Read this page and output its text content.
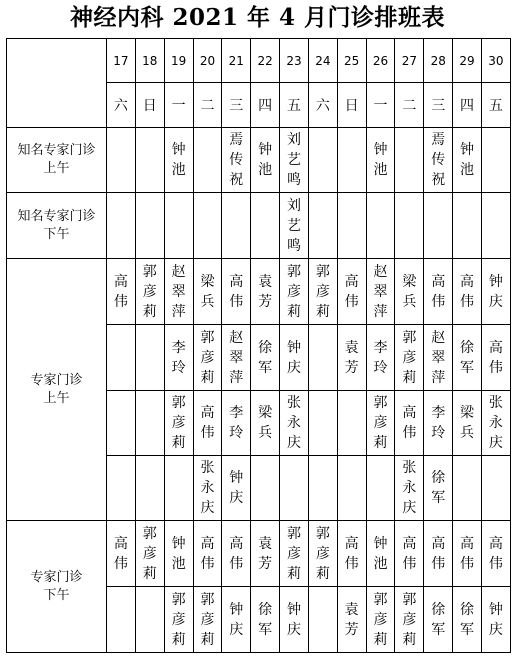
神经内科 2021 年 4 月门诊排班表
	17	18	19	20	21	22	23	24	25	26	27	28	29	30
	六	日	一	二	三	四	五	六	日	一	二	三	四	五

知名专家门诊
上午			钟池		焉传祝	钟池	刘艺鸣			钟池		焉传祝	钟池	

知名专家门诊
下午							刘艺鸣							

专家门诊
上午	高伟	郭彦莉	赵翠萍	梁兵	高伟	袁芳	郭彦莉	郭彦莉	高伟	赵翠萍	梁兵	高伟	高伟	钟庆
			李玲	郭彦莉	赵翠萍	徐军	钟庆		袁芳	李玲	郭彦莉	赵翠萍	徐军	高伟
			郭彦莉	高伟	李玲	梁兵	张永庆			郭彦莉	高伟	李玲	梁兵	张永庆
				张永庆	钟庆						张永庆	徐军		

专家门诊
下午	高伟	郭彦莉	钟池	高伟	高伟	袁芳	郭彦莉	郭彦莉	高伟	钟池	高伟	高伟	高伟	高伟
			郭彦莉	郭彦莉	钟庆	徐军	钟庆		袁芳	郭彦莉	郭彦莉	徐军	徐军	钟庆
